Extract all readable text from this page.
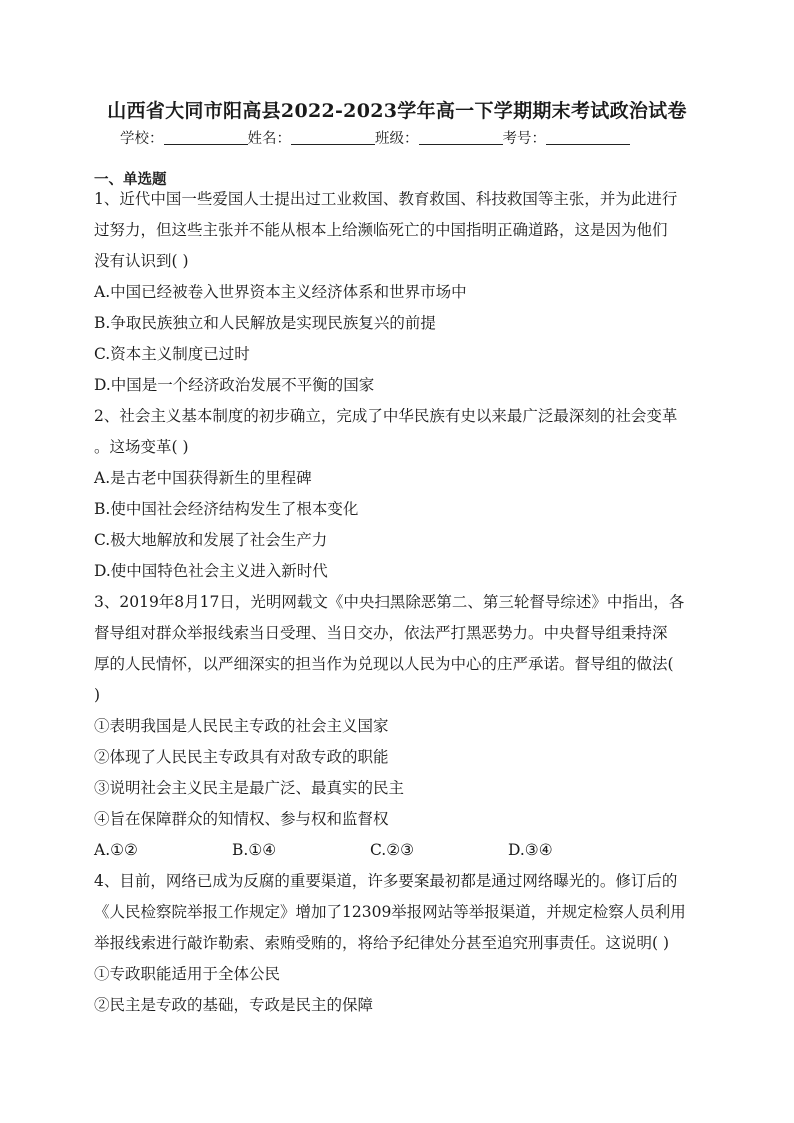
山西省大同市阳高县2022-2023学年高一下学期期末考试政治试卷
学校：	姓名：	班级：	考号：
一、单选题
1、近代中国一些爱国人士提出过工业救国、教育救国、科技救国等主张，并为此进行
过努力，但这些主张并不能从根本上给濒临死亡的中国指明正确道路，这是因为他们
没有认识到( )
A.中国已经被卷入世界资本主义经济体系和世界市场中
B.争取民族独立和人民解放是实现民族复兴的前提
C.资本主义制度已过时
D.中国是一个经济政治发展不平衡的国家
2、社会主义基本制度的初步确立，完成了中华民族有史以来最广泛最深刻的社会变革
。这场变革( )
A.是古老中国获得新生的里程碑
B.使中国社会经济结构发生了根本变化
C.极大地解放和发展了社会生产力
D.使中国特色社会主义进入新时代
3、2019年8月17日，光明网载文《中央扫黑除恶第二、第三轮督导综述》中指出，各
督导组对群众举报线索当日受理、当日交办，依法严打黑恶势力。中央督导组秉持深
厚的人民情怀，以严细深实的担当作为兑现以人民为中心的庄严承诺。督导组的做法(
)
①表明我国是人民民主专政的社会主义国家
②体现了人民民主专政具有对敌专政的职能
③说明社会主义民主是最广泛、最真实的民主
④旨在保障群众的知情权、参与权和监督权
A.①②	B.①④	C.②③	D.③④
4、目前，网络已成为反腐的重要渠道，许多要案最初都是通过网络曝光的。修订后的
《人民检察院举报工作规定》增加了12309举报网站等举报渠道，并规定检察人员利用
举报线索进行敲诈勒索、索贿受贿的，将给予纪律处分甚至追究刑事责任。这说明( )
①专政职能适用于全体公民
②民主是专政的基础，专政是民主的保障
